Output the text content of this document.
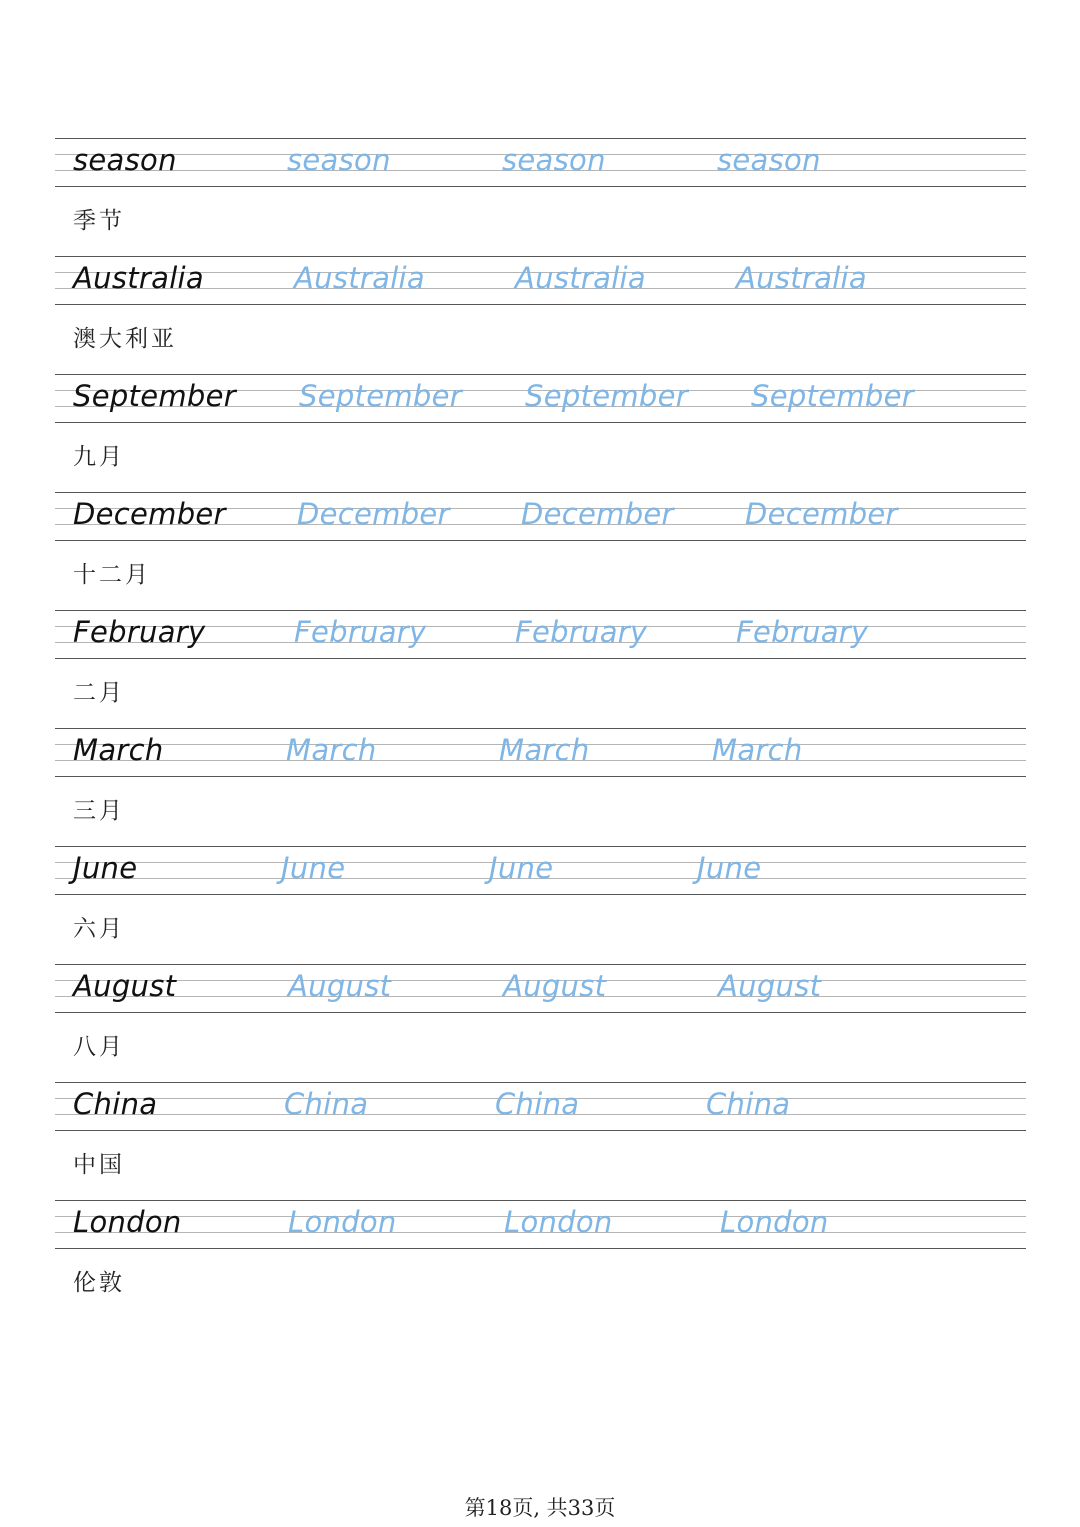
season	season	season	season
季节
Australia	Australia	Australia	Australia
澳大利亚
September September September September
九月
December December December December
十二月
February	February	February	February
二月
March	March	March	March
三月
June	June	June	June
六月
August	August	August	August
八月
China	China	China	China
中国
London	London	London	London
伦敦
第18页, 共33页
